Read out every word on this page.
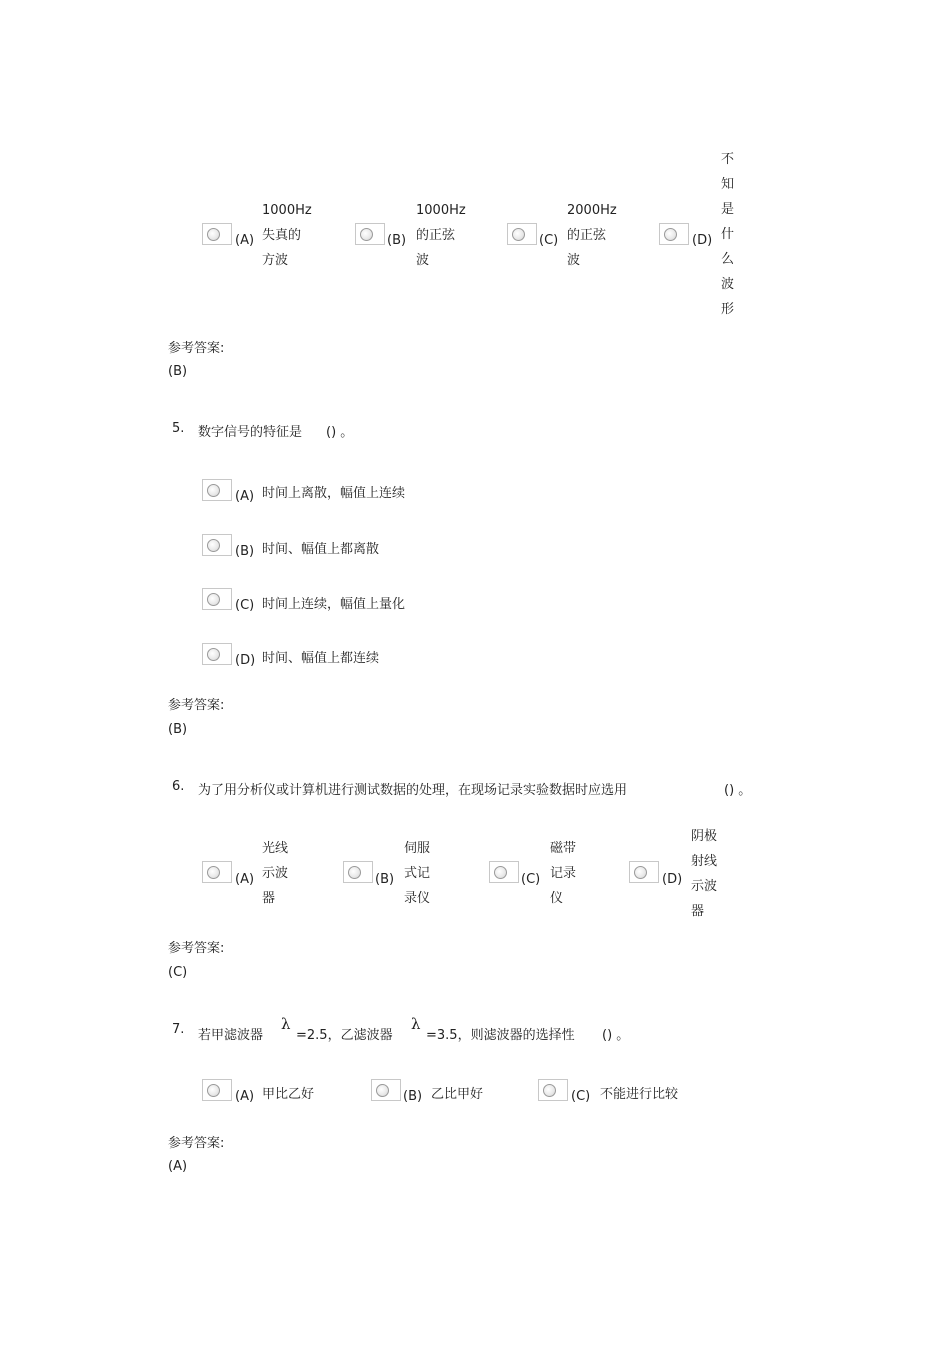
(A)
1000Hz
失真的
方波
(B)
1000Hz
的正弦
波
(C)
2000Hz
的正弦
波
(D)
不
知
是
什
么
波
形
参考答案:
(B)
5. 数字信号的特征是 () 。
(A) 时间上离散，幅值上连续
(B) 时间、幅值上都离散
(C) 时间上连续，幅值上量化
(D) 时间、幅值上都连续
参考答案:
(B)
6. 为了用分析仪或计算机进行测试数据的处理，在现场记录实验数据时应选用	() 。
(A)
光线
示波
器
(B)
伺服
式记
录仪
(C)
磁带
记录
仪
(D)
阴极
射线
示波
器
参考答案:
(C)
7. 若甲滤波器
λ
=2.5，乙滤波器
λ
=3.5，则滤波器的选择性 () 。
(A) 甲比乙好	(B) 乙比甲好	(C) 不能进行比较
参考答案:
(A)
